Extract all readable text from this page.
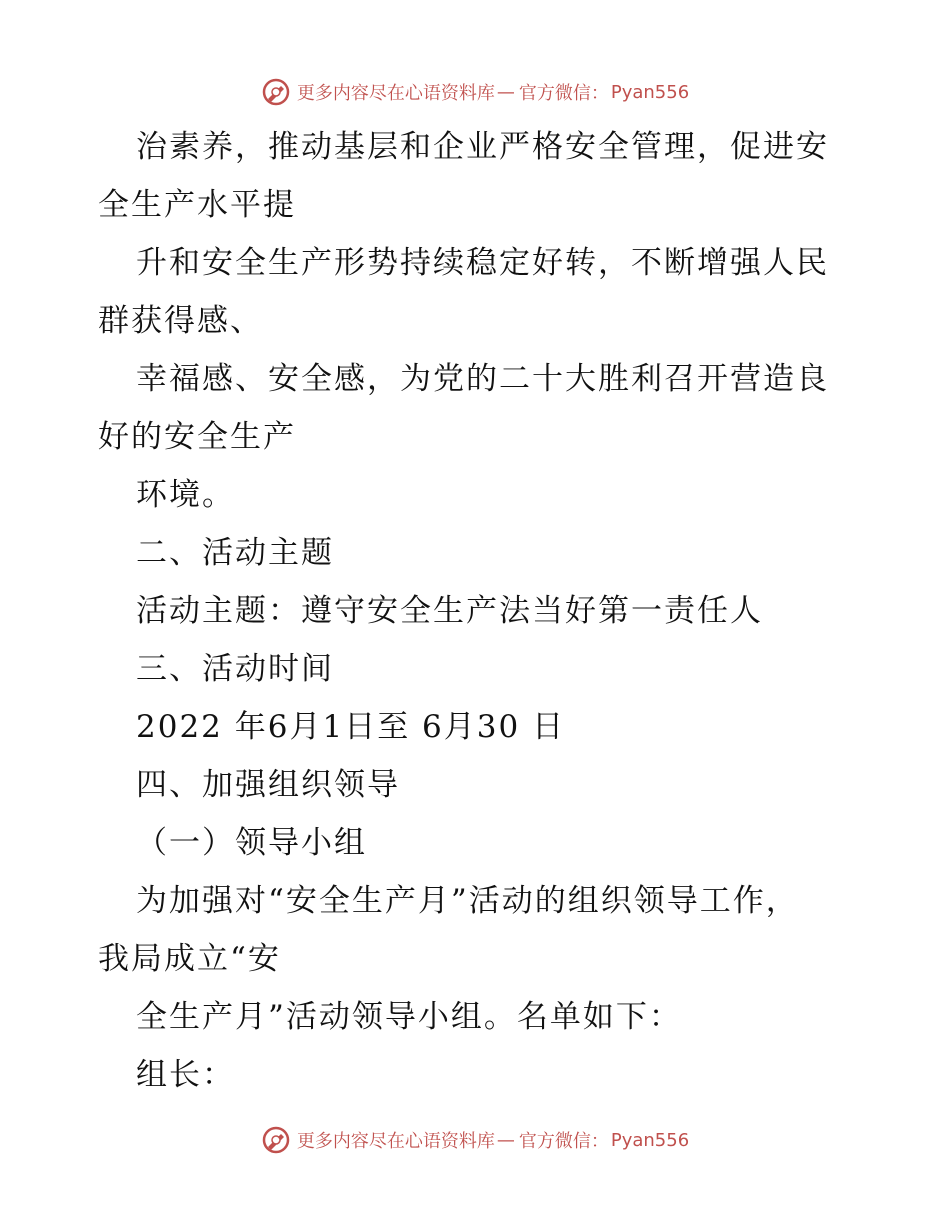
更多内容尽在心语资料库 — 官方微信： Pyan556
治素养，推动基层和企业严格安全管理，促进安
全生产水平提
升和安全生产形势持续稳定好转，不断增强人民
群获得感、
幸福感、安全感，为党的二十大胜利召开营造良
好的安全生产
环境。
二、活动主题
活动主题：遵守安全生产法当好第一责任人
三、活动时间
2022 年6月1日至 6月30 日
四、加强组织领导
（一）领导小组
为加强对“安全生产月”活动的组织领导工作，
我局成立“安
全生产月”活动领导小组。名单如下：
组长：
更多内容尽在心语资料库 — 官方微信： Pyan556
